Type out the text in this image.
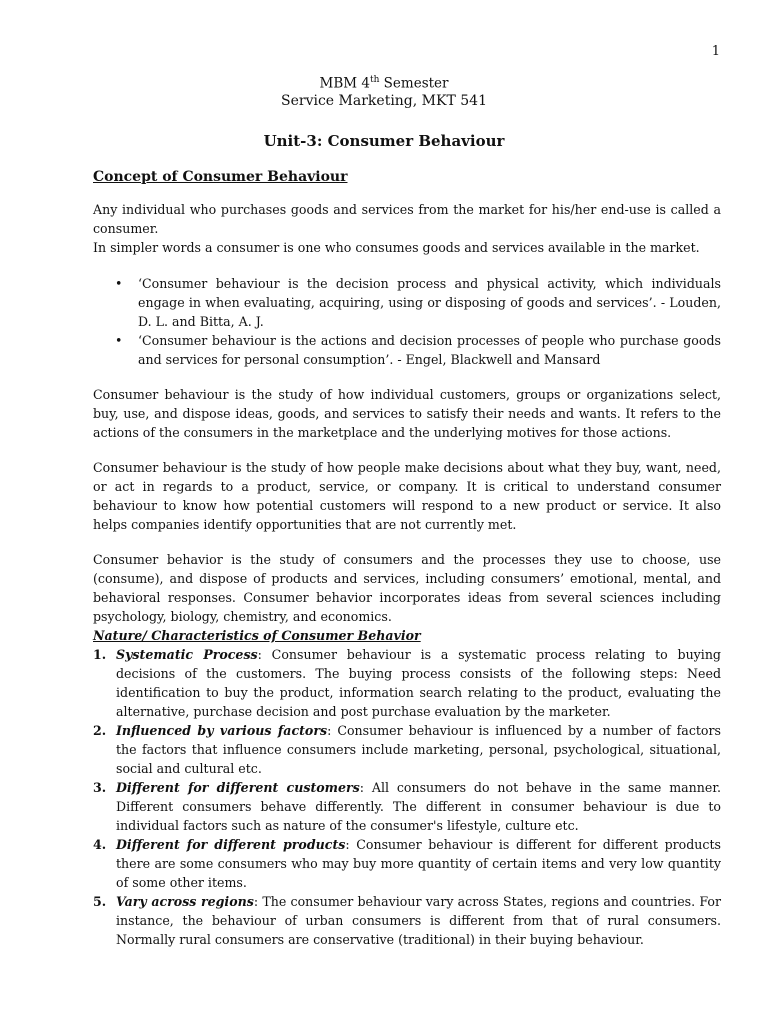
1
MBM 4th Semester
Service Marketing, MKT 541
Unit-3: Consumer Behaviour
Concept of Consumer Behaviour

Any individual who purchases goods and services from the market for his/her end-use is called a consumer.

In simpler words a consumer is one who consumes goods and services available in the market.

• ‘Consumer behaviour is the decision process and physical activity, which individuals engage in when evaluating, acquiring, using or disposing of goods and services’. - Louden, D. L. and Bitta, A. J.
• ‘Consumer behaviour is the actions and decision processes of people who purchase goods and services for personal consumption’. - Engel, Blackwell and Mansard

Consumer behaviour is the study of how individual customers, groups or organizations select, buy, use, and dispose ideas, goods, and services to satisfy their needs and wants. It refers to the actions of the consumers in the marketplace and the underlying motives for those actions.

Consumer behaviour is the study of how people make decisions about what they buy, want, need, or act in regards to a product, service, or company. It is critical to understand consumer behaviour to know how potential customers will respond to a new product or service. It also helps companies identify opportunities that are not currently met.

Consumer behavior is the study of consumers and the processes they use to choose, use (consume), and dispose of products and services, including consumers’ emotional, mental, and behavioral responses. Consumer behavior incorporates ideas from several sciences including psychology, biology, chemistry, and economics.

Nature/ Characteristics of Consumer Behavior
1. Systematic Process: Consumer behaviour is a systematic process relating to buying decisions of the customers. The buying process consists of the following steps: Need identification to buy the product, information search relating to the product, evaluating the alternative, purchase decision and post purchase evaluation by the marketer.
2. Influenced by various factors: Consumer behaviour is influenced by a number of factors the factors that influence consumers include marketing, personal, psychological, situational, social and cultural etc.
3. Different for different customers: All consumers do not behave in the same manner. Different consumers behave differently. The different in consumer behaviour is due to individual factors such as nature of the consumer's lifestyle, culture etc.
4. Different for different products: Consumer behaviour is different for different products there are some consumers who may buy more quantity of certain items and very low quantity of some other items.
5. Vary across regions: The consumer behaviour vary across States, regions and countries. For instance, the behaviour of urban consumers is different from that of rural consumers. Normally rural consumers are conservative (traditional) in their buying behaviour.
